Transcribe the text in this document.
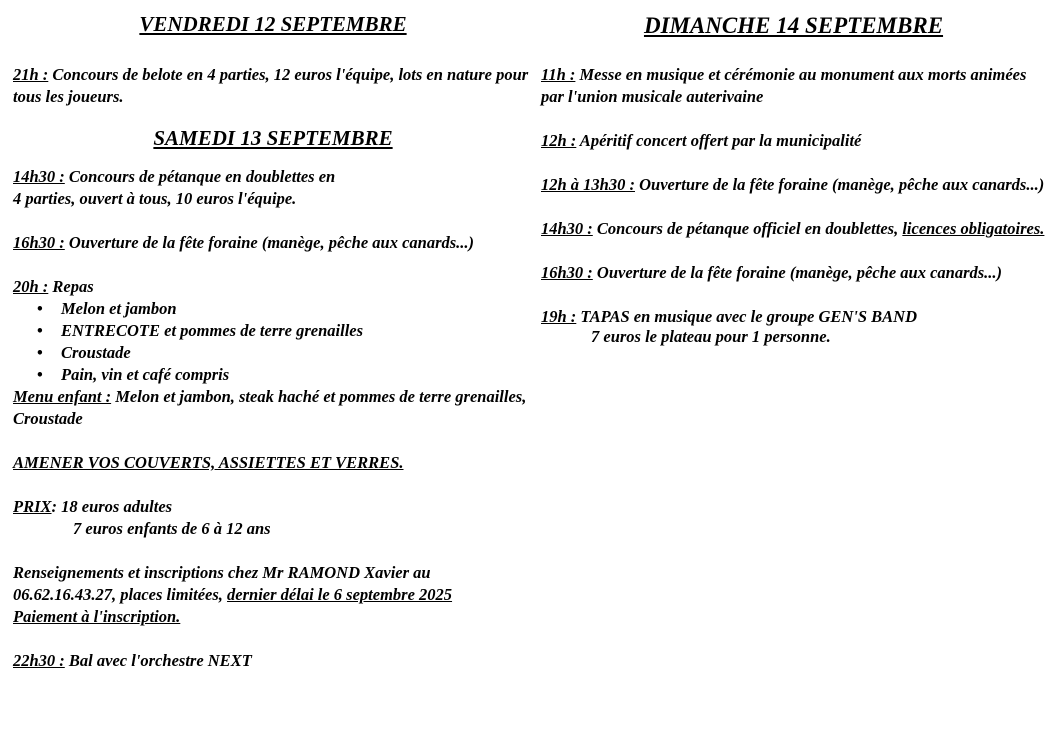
VENDREDI 12 SEPTEMBRE

21h : Concours de belote en 4 parties, 12 euros l'équipe, lots en nature pour tous les joueurs.

SAMEDI 13 SEPTEMBRE

14h30 : Concours de pétanque en doublettes en
4 parties, ouvert à tous, 10 euros l'équipe.

16h30 : Ouverture de la fête foraine (manège, pêche aux canards...)

20h : Repas

• Melon et jambon
• ENTRECOTE et pommes de terre grenailles
• Croustade
• Pain, vin et café compris

Menu enfant : Melon et jambon, steak haché et pommes de terre grenailles, Croustade

AMENER VOS COUVERTS, ASSIETTES ET VERRES.

PRIX: 18 euros adultes

7 euros enfants de 6 à 12 ans

Renseignements et inscriptions chez Mr RAMOND Xavier au 06.62.16.43.27, places limitées, dernier délai le 6 septembre 2025

Paiement à l'inscription.

22h30 : Bal avec l'orchestre NEXT

DIMANCHE 14 SEPTEMBRE

11h : Messe en musique et cérémonie au monument aux morts animées par l'union musicale auterivaine

12h : Apéritif concert offert par la municipalité

12h à 13h30 : Ouverture de la fête foraine (manège, pêche aux canards...)

14h30 : Concours de pétanque officiel en doublettes, licences obligatoires.

16h30 : Ouverture de la fête foraine (manège, pêche aux canards...)

19h : TAPAS en musique avec le groupe GEN'S BAND

7 euros le plateau pour 1 personne.
